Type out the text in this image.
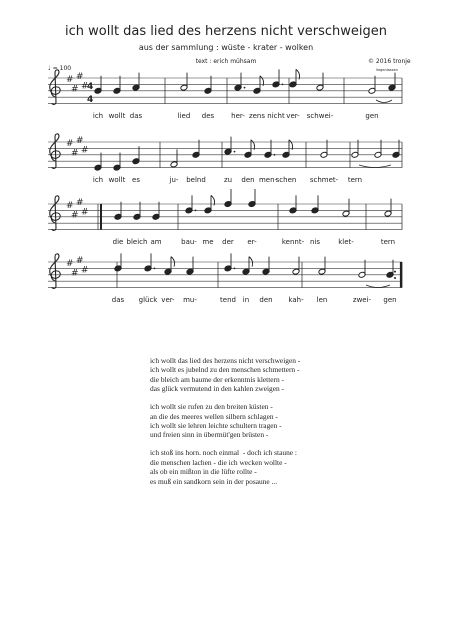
ich wollt das lied des herzens nicht verschweigen
aus der sammlung : wüste - krater - wolken
text : erich mühsam	© 2016 tronje
liegenlassen
♩ = 100
#
#
#
#
4
4
ich wollt das	lied des her- zens nicht ver- schwei-	gen
#
#
#
#
ich wollt es	ju- belnd	zu den men-
schen schmet- tern
#
#
#
#
die bleich am	bau- me der er-	kennt- nis	klet-	tern
#
#
#
#
das glück ver- mu-	tend in den kah- len	zwei- gen

ich wollt das lied des herzens nicht verschweigen -
ich wollt es jubelnd zu den menschen schmettern -
die bleich am baume der erkenntnis klettern -
das glück vermutend in den kahlen zweigen -

ich wollt sie rufen zu den breiten küsten -
an die des meeres wellen silbern schlagen -
ich wollt sie lehren leichte schultern tragen -
und freien sinn in übermüt'gen brüsten -

ich stoß ins horn. noch einmal  - doch ich staune :
die menschen lachen - die ich wecken wollte -
als ob ein mißton in die lüfte rollte -
es muß ein sandkorn sein in der posaune ...
